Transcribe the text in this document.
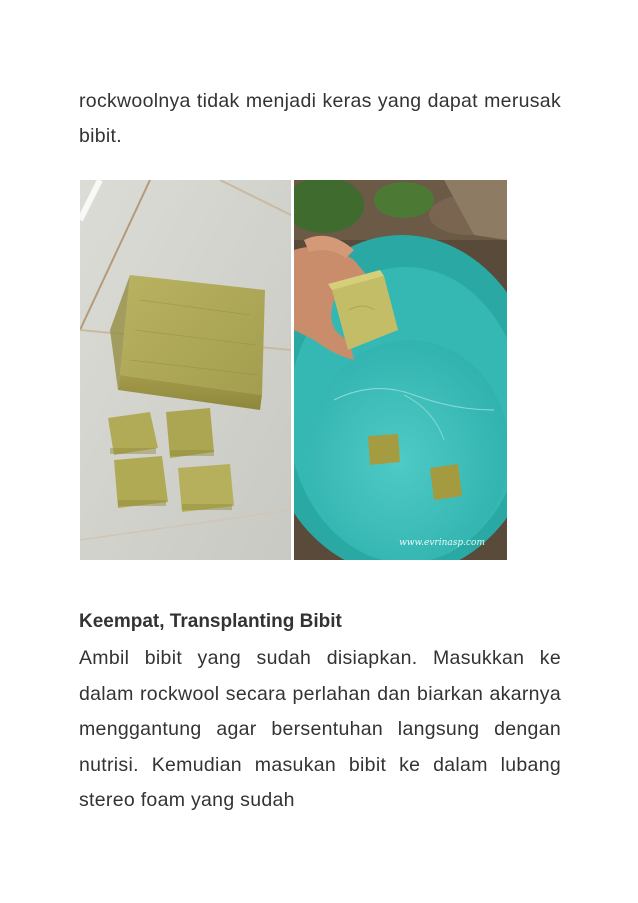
rockwoolnya tidak menjadi keras yang dapat merusak bibit.
www.evrinasp.com
Keempat, Transplanting Bibit
Ambil bibit yang sudah disiapkan. Masukkan ke dalam rockwool secara perlahan dan biarkan akarnya menggantung agar bersentuhan langsung dengan nutrisi. Kemudian masukan bibit ke dalam lubang stereo foam yang sudah
